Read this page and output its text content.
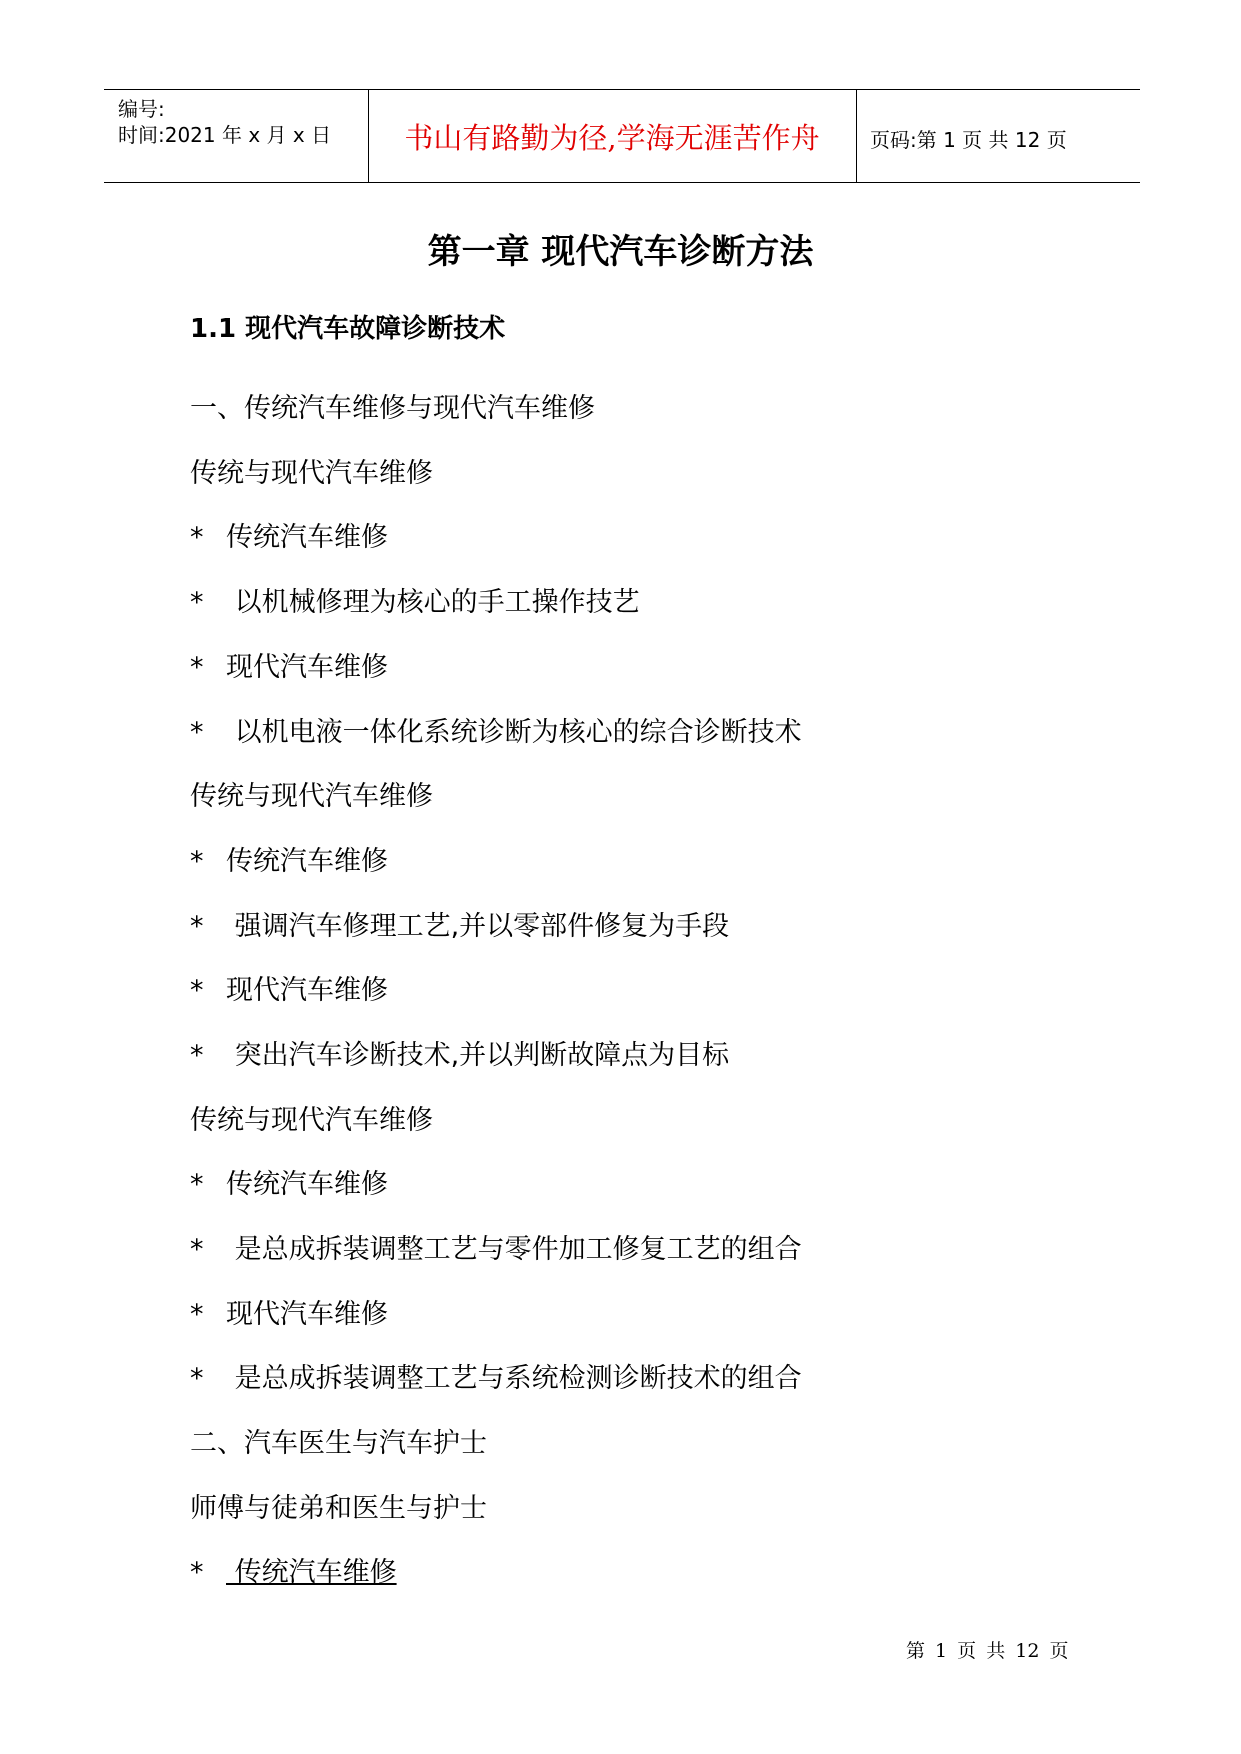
编号:
时间:2021 年 x 月 x 日	书山有路勤为径,学海无涯苦作舟	页码:第 1 页 共 12 页
第一章 现代汽车诊断方法
1.1 现代汽车故障诊断技术
一、传统汽车维修与现代汽车维修
传统与现代汽车维修
* 传统汽车维修
* 以机械修理为核心的手工操作技艺
* 现代汽车维修
* 以机电液一体化系统诊断为核心的综合诊断技术
传统与现代汽车维修
* 传统汽车维修
* 强调汽车修理工艺,并以零部件修复为手段
* 现代汽车维修
* 突出汽车诊断技术,并以判断故障点为目标
传统与现代汽车维修
* 传统汽车维修
* 是总成拆装调整工艺与零件加工修复工艺的组合
* 现代汽车维修
* 是总成拆装调整工艺与系统检测诊断技术的组合
二、汽车医生与汽车护士
师傅与徒弟和医生与护士
* 传统汽车维修
第 1 页 共 12 页
